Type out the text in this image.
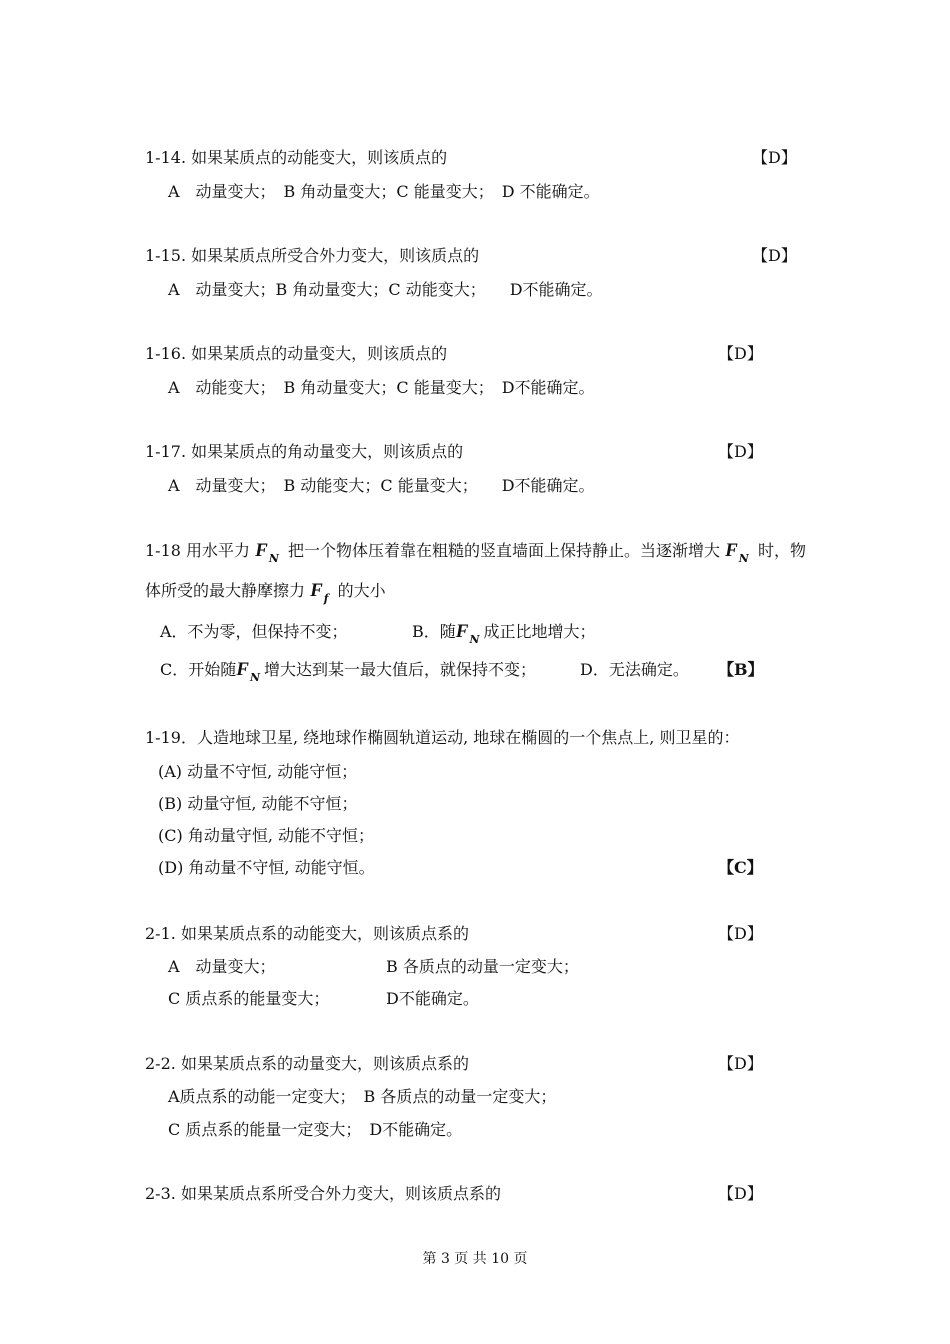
1-14. 如果某质点的动能变大，则该质点的	【D】
A　动量变大；　B 角动量变大；C 能量变大；　D 不能确定。
1-15. 如果某质点所受合外力变大，则该质点的	【D】
A　动量变大；B 角动量变大；C 动能变大；　　D不能确定。
1-16. 如果某质点的动量变大，则该质点的	【D】
A　动能变大；　B 角动量变大；C 能量变大；　D不能确定。
1-17. 如果某质点的角动量变大，则该质点的	【D】
A　动量变大；　B 动能变大；C 能量变大；　　D不能确定。
1-18 用水平力 $F_N$ 把一个物体压着靠在粗糙的竖直墙面上保持静止。当逐渐增大 $F_N$ 时，物
体所受的最大静摩擦力 $F_f$ 的大小
A．不为零，但保持不变；	B．随$F_N$ 成正比地增大；
C．开始随$F_N$ 增大达到某一最大值后，就保持不变；	D．无法确定。 【B】
1-19．人造地球卫星, 绕地球作椭圆轨道运动, 地球在椭圆的一个焦点上, 则卫星的：
(A) 动量不守恒, 动能守恒；
(B) 动量守恒, 动能不守恒；
(C) 角动量守恒, 动能不守恒；
(D) 角动量不守恒, 动能守恒。	【C】
2-1. 如果某质点系的动能变大，则该质点系的	【D】
A　动量变大；	B 各质点的动量一定变大；
C 质点系的能量变大；	D不能确定。
2-2. 如果某质点系的动量变大，则该质点系的	【D】
A质点系的动能一定变大；　B 各质点的动量一定变大；
C 质点系的能量一定变大；　D不能确定。
2-3. 如果某质点系所受合外力变大，则该质点系的	【D】
第 3 页 共 10 页
